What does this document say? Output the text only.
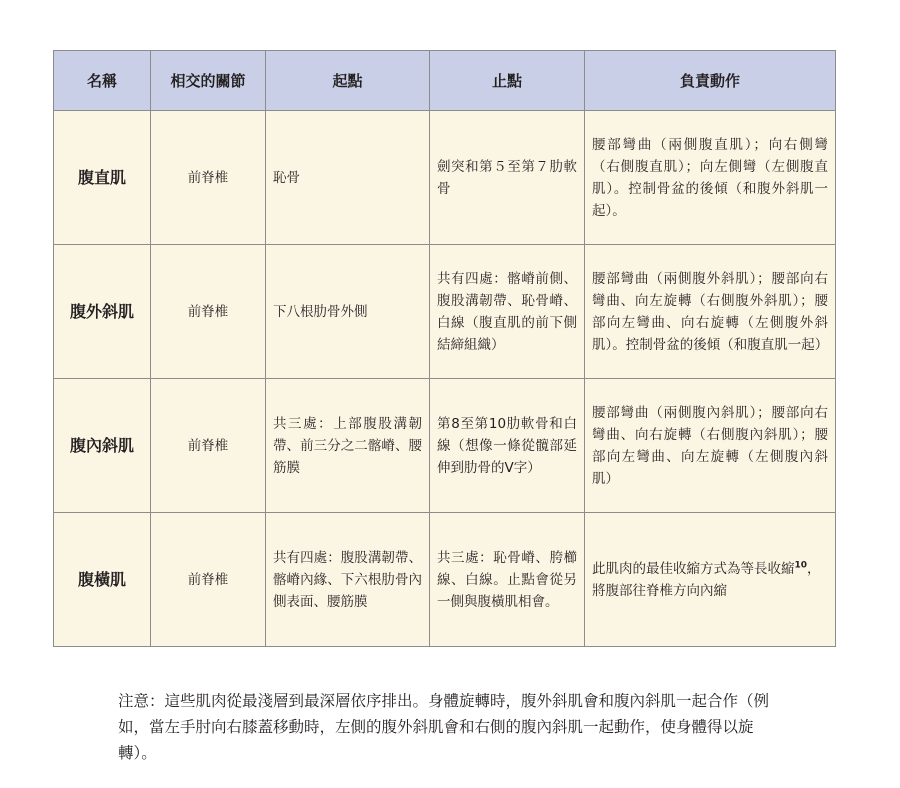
名稱	相交的關節	起點	止點	負責動作
腹直肌	前脊椎	恥骨	劍突和第５至第７肋軟骨	腰部彎曲（兩側腹直肌）；向右側彎（右側腹直肌）；向左側彎（左側腹直肌）。控制骨盆的後傾（和腹外斜肌一起）。
腹外斜肌	前脊椎	下八根肋骨外側	共有四處：髂嵴前側、腹股溝韌帶、恥骨嵴、白線（腹直肌的前下側結締組織）	腰部彎曲（兩側腹外斜肌）；腰部向右彎曲、向左旋轉（右側腹外斜肌）；腰部向左彎曲、向右旋轉（左側腹外斜肌）。控制骨盆的後傾（和腹直肌一起）
腹內斜肌	前脊椎	共三處：上部腹股溝韌帶、前三分之二髂嵴、腰筋膜	第8至第10肋軟骨和白線（想像一條從髖部延伸到肋骨的V字）	腰部彎曲（兩側腹內斜肌）；腰部向右彎曲、向右旋轉（右側腹內斜肌）；腰部向左彎曲、向左旋轉（左側腹內斜肌）
腹橫肌	前脊椎	共有四處：腹股溝韌帶、髂嵴內緣、下六根肋骨內側表面、腰筋膜	共三處：恥骨嵴、胯櫛線、白線。止點會從另一側與腹橫肌相會。	此肌肉的最佳收縮方式為等長收縮$^{10}$，將腹部往脊椎方向內縮

注意：這些肌肉從最淺層到最深層依序排出。身體旋轉時，腹外斜肌會和腹內斜肌一起合作（例如，當左手肘向右膝蓋移動時，左側的腹外斜肌會和右側的腹內斜肌一起動作，使身體得以旋轉）。
